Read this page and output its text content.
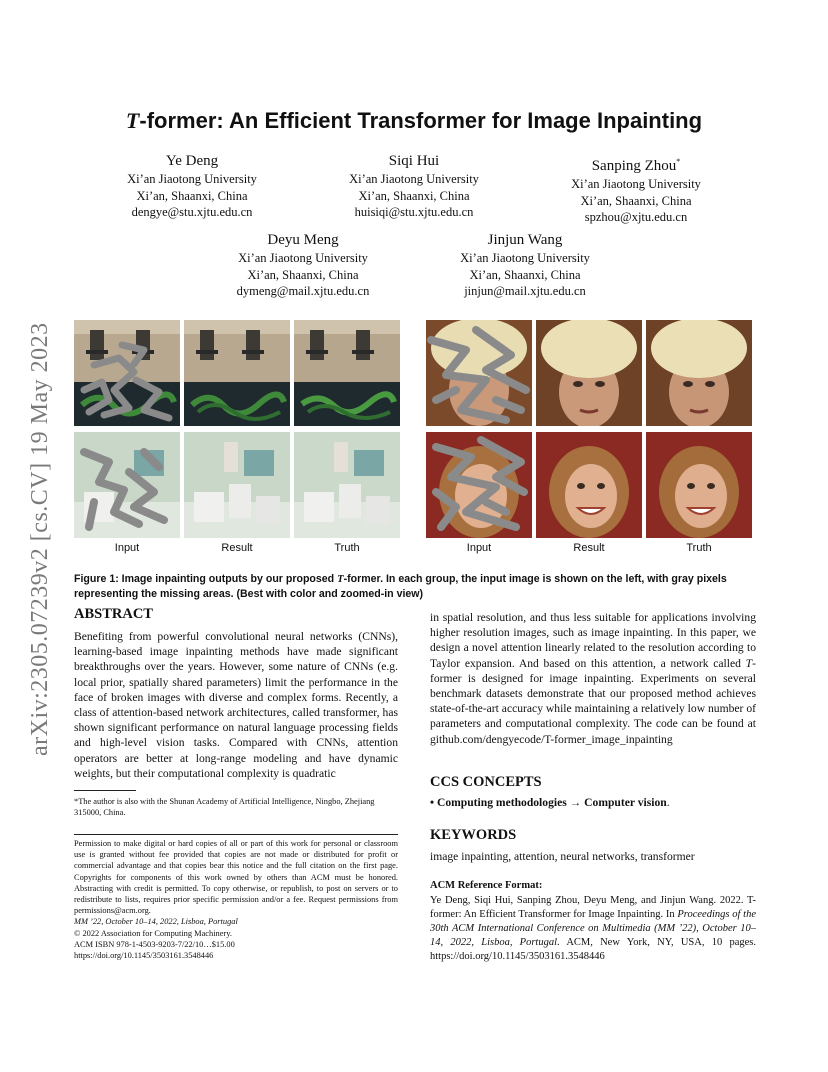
arXiv:2305.07239v2 [cs.CV] 19 May 2023
T-former: An Efficient Transformer for Image Inpainting
Ye Deng
Xi’an Jiaotong University
Xi’an, Shaanxi, China
dengye@stu.xjtu.edu.cn
Siqi Hui
Xi’an Jiaotong University
Xi’an, Shaanxi, China
huisiqi@stu.xjtu.edu.cn
Sanping Zhou*
Xi’an Jiaotong University
Xi’an, Shaanxi, China
spzhou@xjtu.edu.cn
Deyu Meng
Xi’an Jiaotong University
Xi’an, Shaanxi, China
dymeng@mail.xjtu.edu.cn
Jinjun Wang
Xi’an Jiaotong University
Xi’an, Shaanxi, China
jinjun@mail.xjtu.edu.cn
Input	Result	Truth	Input	Result	Truth
Figure 1: Image inpainting outputs by our proposed T-former. In each group, the input image is shown on the left, with gray pixels representing the missing areas. (Best with color and zoomed-in view)
ABSTRACT
Benefiting from powerful convolutional neural networks (CNNs), learning-based image inpainting methods have made significant breakthroughs over the years. However, some nature of CNNs (e.g. local prior, spatially shared parameters) limit the performance in the face of broken images with diverse and complex forms. Recently, a class of attention-based network architectures, called transformer, has shown significant performance on natural language processing fields and high-level vision tasks. Compared with CNNs, attention operators are better at long-range modeling and have dynamic weights, but their computational complexity is quadratic
*The author is also with the Shunan Academy of Artificial Intelligence, Ningbo, Zhejiang 315000, China.
Permission to make digital or hard copies of all or part of this work for personal or classroom use is granted without fee provided that copies are not made or distributed for profit or commercial advantage and that copies bear this notice and the full citation on the first page. Copyrights for components of this work owned by others than ACM must be honored. Abstracting with credit is permitted. To copy otherwise, or republish, to post on servers or to redistribute to lists, requires prior specific permission and/or a fee. Request permissions from permissions@acm.org.
MM ’22, October 10–14, 2022, Lisboa, Portugal
© 2022 Association for Computing Machinery.
ACM ISBN 978-1-4503-9203-7/22/10…$15.00
https://doi.org/10.1145/3503161.3548446
in spatial resolution, and thus less suitable for applications involving higher resolution images, such as image inpainting. In this paper, we design a novel attention linearly related to the resolution according to Taylor expansion. And based on this attention, a network called T-former is designed for image inpainting. Experiments on several benchmark datasets demonstrate that our proposed method achieves state-of-the-art accuracy while maintaining a relatively low number of parameters and computational complexity. The code can be found at github.com/dengyecode/T-former_image_inpainting
CCS CONCEPTS
• Computing methodologies → Computer vision.
KEYWORDS
image inpainting, attention, neural networks, transformer
ACM Reference Format:
Ye Deng, Siqi Hui, Sanping Zhou, Deyu Meng, and Jinjun Wang. 2022. T-former: An Efficient Transformer for Image Inpainting. In Proceedings of the 30th ACM International Conference on Multimedia (MM ’22), October 10–14, 2022, Lisboa, Portugal. ACM, New York, NY, USA, 10 pages. https://doi.org/10.1145/3503161.3548446
